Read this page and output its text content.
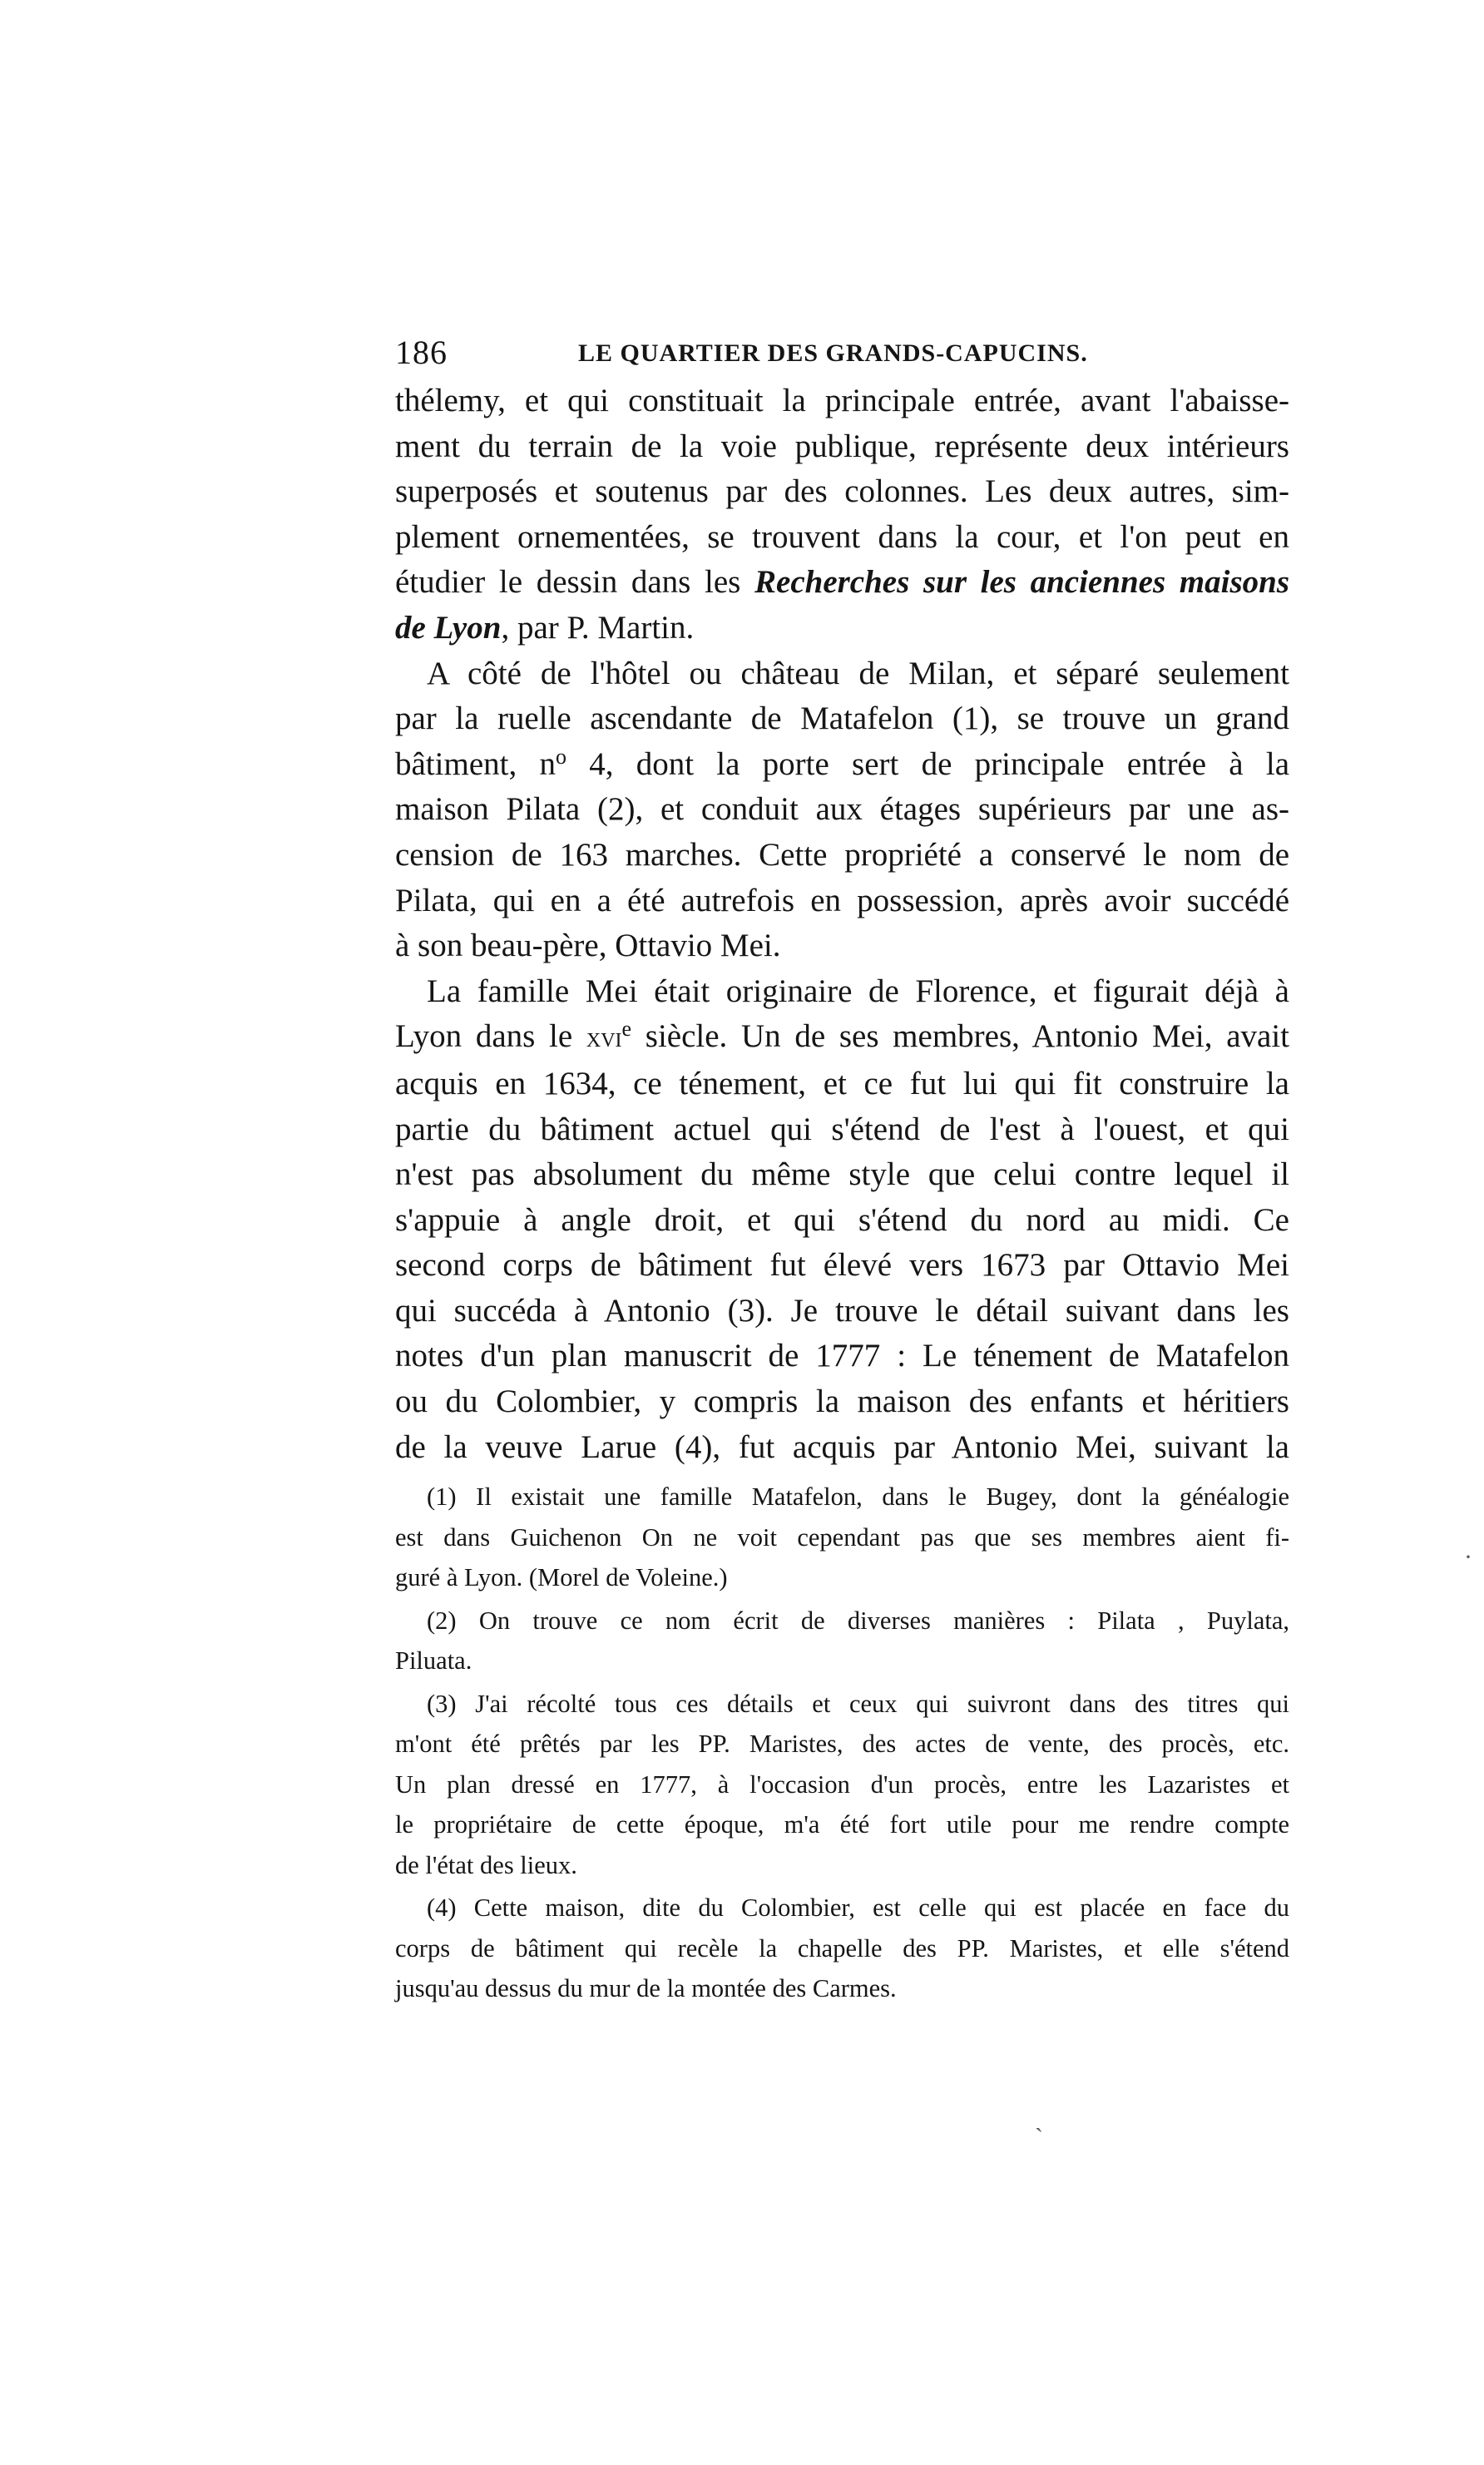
186	LE QUARTIER DES GRANDS-CAPUCINS.

thélemy, et qui constituait la principale entrée, avant l'abaisse-
ment du terrain de la voie publique, représente deux intérieurs
superposés et soutenus par des colonnes. Les deux autres, sim-
plement ornementées, se trouvent dans la cour, et l'on peut en
étudier le dessin dans les Recherches sur les anciennes maisons
de Lyon, par P. Martin.

A côté de l'hôtel ou château de Milan, et séparé seulement
par la ruelle ascendante de Matafelon (1), se trouve un grand
bâtiment, $n^o$ 4, dont la porte sert de principale entrée à la
maison Pilata (2), et conduit aux étages supérieurs par une as-
cension de 163 marches. Cette propriété a conservé le nom de
Pilata, qui en a été autrefois en possession, après avoir succédé
à son beau-père, Ottavio Mei.

La famille Mei était originaire de Florence, et figurait déjà à
Lyon dans le xvi$^e$ siècle. Un de ses membres, Antonio Mei, avait
acquis en 1634, ce ténement, et ce fut lui qui fit construire la
partie du bâtiment actuel qui s'étend de l'est à l'ouest, et qui
n'est pas absolument du même style que celui contre lequel il
s'appuie à angle droit, et qui s'étend du nord au midi. Ce
second corps de bâtiment fut élevé vers 1673 par Ottavio Mei
qui succéda à Antonio (3). Je trouve le détail suivant dans les
notes d'un plan manuscrit de 1777 : Le ténement de Matafelon
ou du Colombier, y compris la maison des enfants et héritiers
de la veuve Larue (4), fut acquis par Antonio Mei, suivant la

(1) Il existait une famille Matafelon, dans le Bugey, dont la généalogie
est dans Guichenon On ne voit cependant pas que ses membres aient fi-
guré à Lyon. (Morel de Voleine.)
(2) On trouve ce nom écrit de diverses manières : Pilata , Puylata,
Piluata.
(3) J'ai récolté tous ces détails et ceux qui suivront dans des titres qui
m'ont été prêtés par les PP. Maristes, des actes de vente, des procès, etc.
Un plan dressé en 1777, à l'occasion d'un procès, entre les Lazaristes et
le propriétaire de cette époque, m'a été fort utile pour me rendre compte
de l'état des lieux.
(4) Cette maison, dite du Colombier, est celle qui est placée en face du
corps de bâtiment qui recèle la chapelle des PP. Maristes, et elle s'étend
jusqu'au dessus du mur de la montée des Carmes.
·
ˏ
